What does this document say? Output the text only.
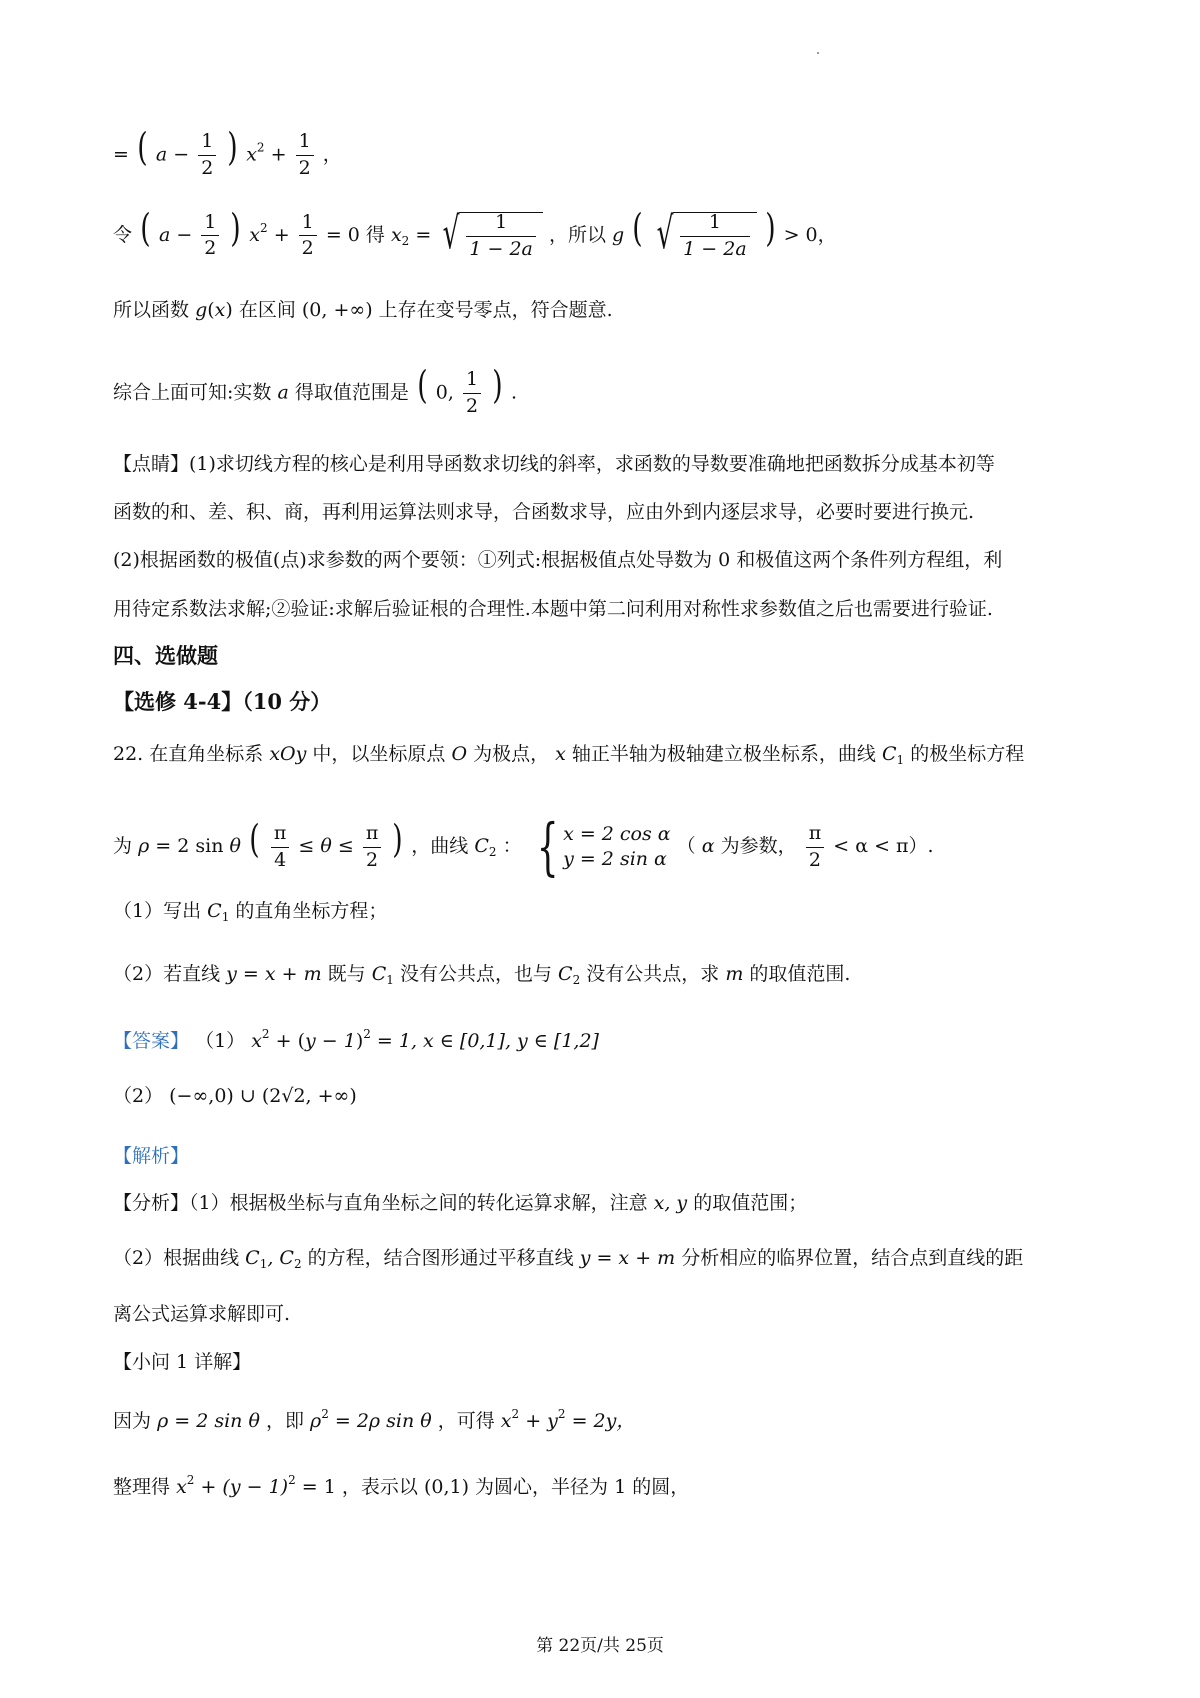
= ( $a - \frac{1}{2}$ ) $x^2 + \frac{1}{2}$ ，
令 ( $a - \frac{1}{2}$ ) $x^2 + \frac{1}{2} = 0$ 得 $x_2$ = √ $\frac{1}{1 - 2a}$ ，所以 g ( √ $\frac{1}{1 - 2a}$ ) > 0，
所以函数 g(x) 在区间 (0, +∞) 上存在变号零点，符合题意.
综合上面可知:实数 a 得取值范围是 ( 0, $\frac{1}{2}$ ) .
【点睛】(1)求切线方程的核心是利用导函数求切线的斜率，求函数的导数要准确地把函数拆分成基本初等
函数的和、差、积、商，再利用运算法则求导，合函数求导，应由外到内逐层求导，必要时要进行换元.
(2)根据函数的极值(点)求参数的两个要领：①列式:根据极值点处导数为 0 和极值这两个条件列方程组，利
用待定系数法求解;②验证:求解后验证根的合理性.本题中第二问利用对称性求参数值之后也需要进行验证.
四、选做题
【选修 4-4】（10 分）
22. 在直角坐标系 xOy 中，以坐标原点 O 为极点， x 轴正半轴为极轴建立极坐标系，曲线 $C_1$ 的极坐标方程
为 ρ = 2 sin θ ( $\frac{\pi}{4} \le \theta \le \frac{\pi}{2}$ ) ，曲线 $C_2$ ： { x = 2 cos α
y = 2 sin α
（ α 为参数， $\frac{\pi}{2} < \alpha < \pi$）.
（1）写出 $C_1$ 的直角坐标方程；
（2）若直线 y = x + m 既与 $C_1$ 没有公共点，也与 $C_2$ 没有公共点，求 m 的取值范围.
【答案】 （1） $x^2 + (y - 1)^2 = 1$, x ∈ [0,1], y ∈ [1,2]
（2） (−∞,0) ∪ (2√2, +∞)
【解析】
【分析】（1）根据极坐标与直角坐标之间的转化运算求解，注意 x, y 的取值范围；
（2）根据曲线 $C_1$, $C_2$ 的方程，结合图形通过平移直线 y = x + m 分析相应的临界位置，结合点到直线的距
离公式运算求解即可.
【小问 1 详解】
因为 ρ = 2 sin θ ，即 $\rho^2 = 2\rho$ sin θ ，可得 $x^2 + y^2 = 2y$，
整理得 $x^2 + (y - 1)^2 = 1$ ，表示以 (0,1) 为圆心，半径为 1 的圆，
第 22页/共 25页
